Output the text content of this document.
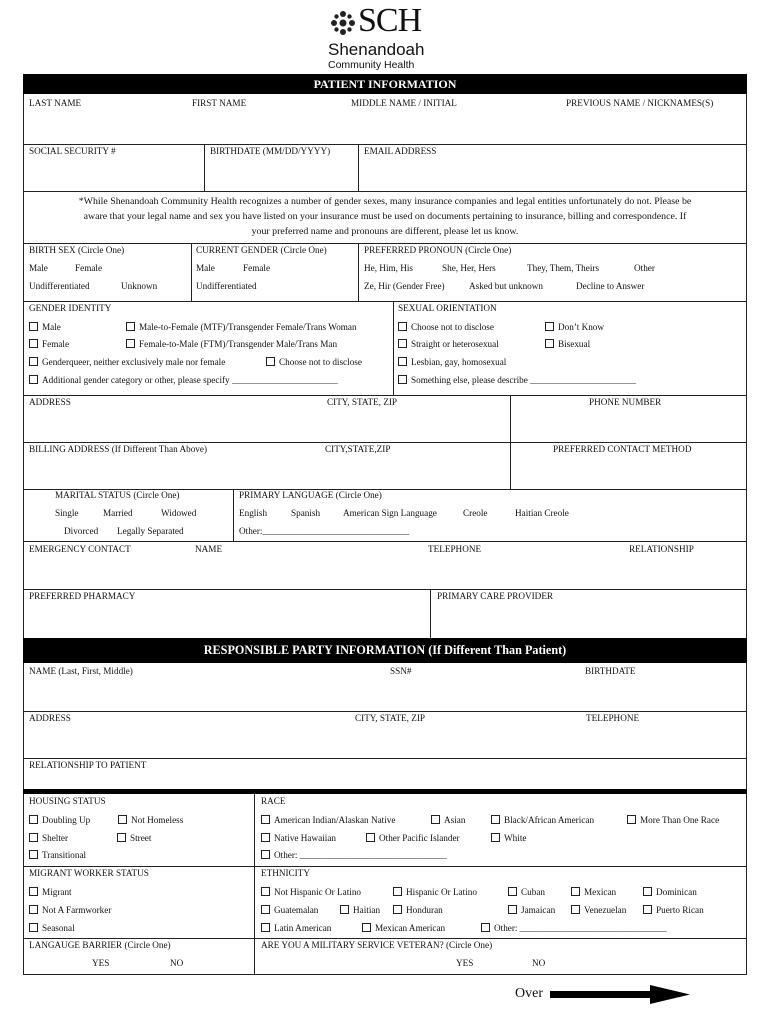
SCH
Shenandoah
Community Health
PATIENT INFORMATION
LAST NAME	FIRST NAME	MIDDLE NAME / INITIAL	PREVIOUS NAME / NICKNAMES(S)
SOCIAL SECURITY #	BIRTHDATE (MM/DD/YYYY)	EMAIL ADDRESS
*While Shenandoah Community Health recognizes a number of gender sexes, many insurance companies and legal entities unfortunately do not. Please be
aware that your legal name and sex you have listed on your insurance must be used on documents pertaining to insurance, billing and correspondence. If
your preferred name and pronouns are different, please let us know.
BIRTH SEX (Circle One)
Male	Female
Undifferentiated	Unknown
CURRENT GENDER (Circle One)
Male	Female
Undifferentiated
PREFERRED PRONOUN (Circle One)
He, Him, His	She, Her, Hers	They, Them, Theirs	Other
Ze, Hir (Gender Free)	Asked but unknown	Decline to Answer
GENDER IDENTITY
Male	Male-to-Female (MTF)/Transgender Female/Trans Woman
Female	Female-to-Male (FTM)/Transgender Male/Trans Man
Genderqueer, neither exclusively male nor female	Choose not to disclose
Additional gender category or other, please specify _______________________
SEXUAL ORIENTATION
Choose not to disclose	Don’t Know
Straight or heterosexual	Bisexual
Lesbian, gay, homosexual
Something else, please describe _______________________
ADDRESS	CITY, STATE, ZIP	PHONE NUMBER
BILLING ADDRESS (If Different Than Above)	CITY,STATE,ZIP	PREFERRED CONTACT METHOD
MARITAL STATUS (Circle One)
Single	Married	Widowed
Divorced Legally Separated
PRIMARY LANGUAGE (Circle One)
English	Spanish American Sign Language	Creole	Haitian Creole
Other:________________________________
EMERGENCY CONTACT	NAME	TELEPHONE	RELATIONSHIP
PREFERRED PHARMACY	PRIMARY CARE PROVIDER
RESPONSIBLE PARTY INFORMATION (If Different Than Patient)
NAME (Last, First, Middle)	SSN#	BIRTHDATE
ADDRESS	CITY, STATE, ZIP	TELEPHONE
RELATIONSHIP TO PATIENT
HOUSING STATUS
Doubling Up	Not Homeless
Shelter	Street
Transitional
RACE
American Indian/Alaskan Native	Asian	Black/African American	More Than One Race
Native Hawaiian	Other Pacific Islander	White
Other: ________________________________
MIGRANT WORKER STATUS
Migrant
Not A Farmworker
Seasonal
ETHNICITY
Not Hispanic Or Latino	Hispanic Or Latino	Cuban	Mexican	Dominican
Guatemalan	Haitian	Honduran	Jamaican	Venezuelan	Puerto Rican
Latin American	Mexican American	Other: ________________________________
LANGAUGE BARRIER (Circle One)
YES	NO
ARE YOU A MILITARY SERVICE VETERAN? (Circle One)
YES	NO
Over
